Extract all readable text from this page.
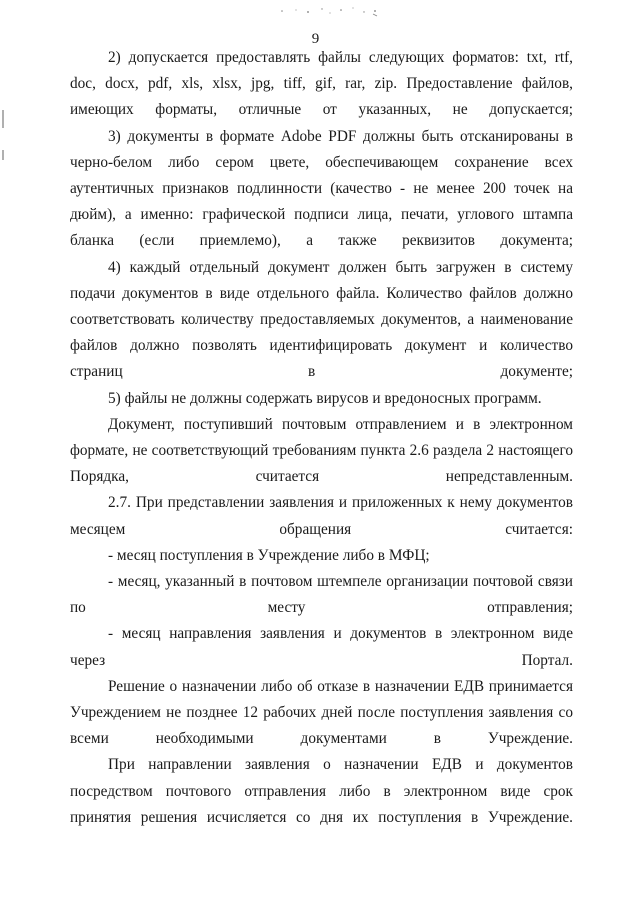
9

2) допускается предоставлять файлы следующих форматов: txt, rtf, doc, docx, pdf, xls, xlsx, jpg, tiff, gif, rar, zip. Предоставление файлов, имеющих форматы, отличные от указанных, не допускается;

3) документы в формате Adobe PDF должны быть отсканированы в черно-белом либо сером цвете, обеспечивающем сохранение всех аутентичных признаков подлинности (качество - не менее 200 точек на дюйм), а именно: графической подписи лица, печати, углового штампа бланка (если приемлемо), а также реквизитов документа;

4) каждый отдельный документ должен быть загружен в систему подачи документов в виде отдельного файла. Количество файлов должно соответствовать количеству предоставляемых документов, а наименование файлов должно позволять идентифицировать документ и количество страниц в документе;

5) файлы не должны содержать вирусов и вредоносных программ.

Документ, поступивший почтовым отправлением и в электронном формате, не соответствующий требованиям пункта 2.6 раздела 2 настоящего Порядка, считается непредставленным.

2.7. При представлении заявления и приложенных к нему документов месяцем обращения считается:

- месяц поступления в Учреждение либо в МФЦ;

- месяц, указанный в почтовом штемпеле организации почтовой связи по месту отправления;

- месяц направления заявления и документов в электронном виде через Портал.

Решение о назначении либо об отказе в назначении ЕДВ принимается Учреждением не позднее 12 рабочих дней после поступления заявления со всеми необходимыми документами в Учреждение.

При направлении заявления о назначении ЕДВ и документов посредством почтового отправления либо в электронном виде срок принятия решения исчисляется со дня их поступления в Учреждение.
